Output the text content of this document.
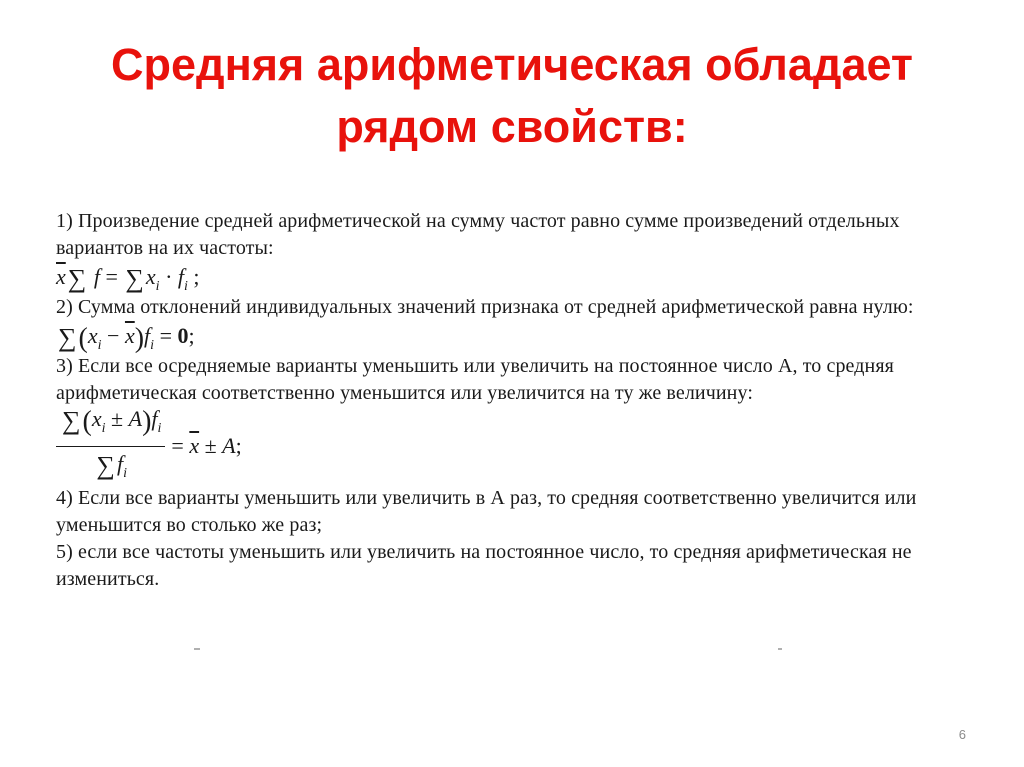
Средняя арифметическая обладает рядом свойств:

1) Произведение средней арифметической на сумму частот равно сумме произведений отдельных вариантов на их частоты:

$\overline{x}\sum$ $f = \sum x_i \cdot f_i$ ;

2) Сумма отклонений индивидуальных значений признака от средней арифметической равна нулю:

$\sum(x_i - \overline{x})f_i = 0$;

3) Если все осредняемые варианты уменьшить или увеличить на постоянное число А, то средняя арифметическая соответственно уменьшится или увеличится на ту же величину:

$\frac{\sum(x_i \pm A)f_i}{\sum f_i}$ =
$\overline{x}$
±
A ;

4) Если все варианты уменьшить или увеличить в А раз, то средняя соответственно увеличится или уменьшится во столько же раз;

5) если все частоты уменьшить или увеличить на постоянное число, то средняя арифметическая не измениться.

6
